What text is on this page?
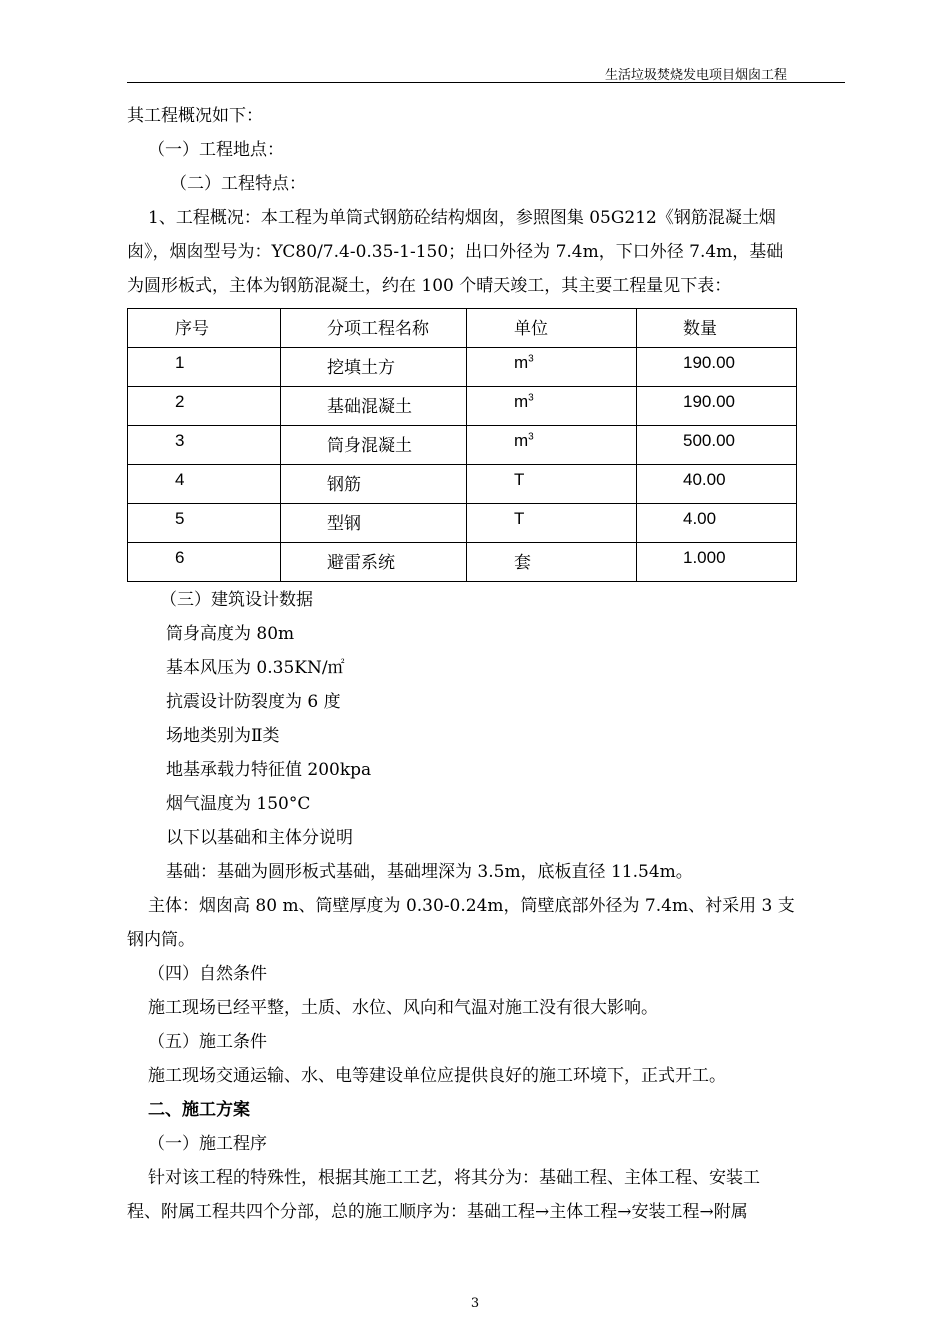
生活垃圾焚烧发电项目烟囱工程
其工程概况如下：
（一）工程地点：
（二）工程特点：
1、工程概况：本工程为单筒式钢筋砼结构烟囱，参照图集 05G212《钢筋混凝土烟
囱》，烟囱型号为：YC80/7.4-0.35-1-150；出口外径为 7.4m，下口外径 7.4m，基础
为圆形板式，主体为钢筋混凝土，约在 100 个晴天竣工，其主要工程量见下表：
序号	分项工程名称	单位	数量

1	挖填土方	$m^3$	190.00

2	基础混凝土	$m^3$	190.00

3	筒身混凝土	$m^3$	500.00

4	钢筋	T	40.00

5	型钢	T	4.00

6	避雷系统	套	1.000
（三）建筑设计数据
筒身高度为 80m
基本风压为 0.35KN/㎡
抗震设计防裂度为 6 度
场地类别为Ⅱ类
地基承载力特征值 200kpa
烟气温度为 150°C
以下以基础和主体分说明
基础：基础为圆形板式基础，基础埋深为 3.5m，底板直径 11.54m。
主体：烟囱高 80 m、筒壁厚度为 0.30-0.24m，筒壁底部外径为 7.4m、衬采用 3 支
钢内筒。
（四）自然条件
施工现场已经平整，土质、水位、风向和气温对施工没有很大影响。
（五）施工条件
施工现场交通运输、水、电等建设单位应提供良好的施工环境下，正式开工。
二、施工方案
（一）施工程序
针对该工程的特殊性，根据其施工工艺，将其分为：基础工程、主体工程、安装工
程、附属工程共四个分部，总的施工顺序为：基础工程→主体工程→安装工程→附属
3
